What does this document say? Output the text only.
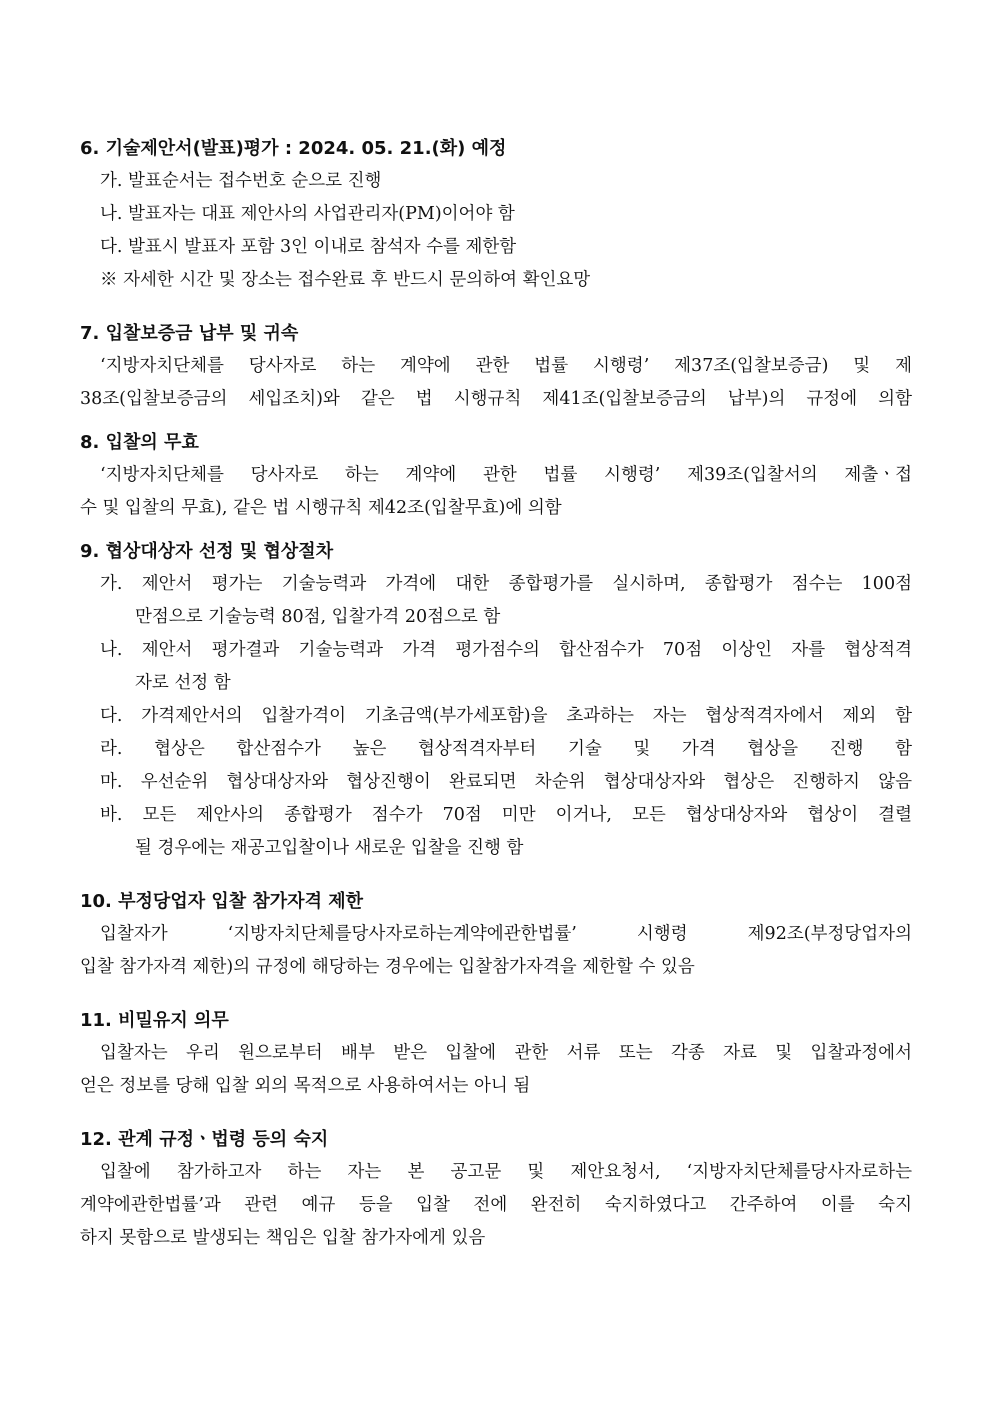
6. 기술제안서(발표)평가 : 2024. 05. 21.(화) 예정
가. 발표순서는 접수번호 순으로 진행
나. 발표자는 대표 제안사의 사업관리자(PM)이어야 함
다. 발표시 발표자 포함 3인 이내로 참석자 수를 제한함
※ 자세한 시간 및 장소는 접수완료 후 반드시 문의하여 확인요망
7. 입찰보증금 납부 및 귀속
‘지방자치단체를 당사자로 하는 계약에 관한 법률 시행령’ 제37조(입찰보증금) 및 제
38조(입찰보증금의 세입조치)와 같은 법 시행규칙 제41조(입찰보증금의 납부)의 규정에 의함
8. 입찰의 무효
‘지방자치단체를 당사자로 하는 계약에 관한 법률 시행령’ 제39조(입찰서의 제출ㆍ접
수 및 입찰의 무효), 같은 법 시행규칙 제42조(입찰무효)에 의함
9. 협상대상자 선정 및 협상절차
가. 제안서 평가는 기술능력과 가격에 대한 종합평가를 실시하며, 종합평가 점수는 100점
만점으로 기술능력 80점, 입찰가격 20점으로 함
나. 제안서 평가결과 기술능력과 가격 평가점수의 합산점수가 70점 이상인 자를 협상적격
자로 선정 함
다. 가격제안서의 입찰가격이 기초금액(부가세포함)을 초과하는 자는 협상적격자에서 제외 함
라. 협상은 합산점수가 높은 협상적격자부터 기술 및 가격 협상을 진행 함
마. 우선순위 협상대상자와 협상진행이 완료되면 차순위 협상대상자와 협상은 진행하지 않음
바. 모든 제안사의 종합평가 점수가 70점 미만 이거나, 모든 협상대상자와 협상이 결렬
될 경우에는 재공고입찰이나 새로운 입찰을 진행 함
10. 부정당업자 입찰 참가자격 제한
입찰자가 ‘지방자치단체를당사자로하는계약에관한법률’ 시행령 제92조(부정당업자의
입찰 참가자격 제한)의 규정에 해당하는 경우에는 입찰참가자격을 제한할 수 있음
11. 비밀유지 의무
입찰자는 우리 원으로부터 배부 받은 입찰에 관한 서류 또는 각종 자료 및 입찰과정에서
얻은 정보를 당해 입찰 외의 목적으로 사용하여서는 아니 됨
12. 관계 규정ㆍ법령 등의 숙지
입찰에 참가하고자 하는 자는 본 공고문 및 제안요청서, ‘지방자치단체를당사자로하는
계약에관한법률’과 관련 예규 등을 입찰 전에 완전히 숙지하였다고 간주하여 이를 숙지
하지 못함으로 발생되는 책임은 입찰 참가자에게 있음
